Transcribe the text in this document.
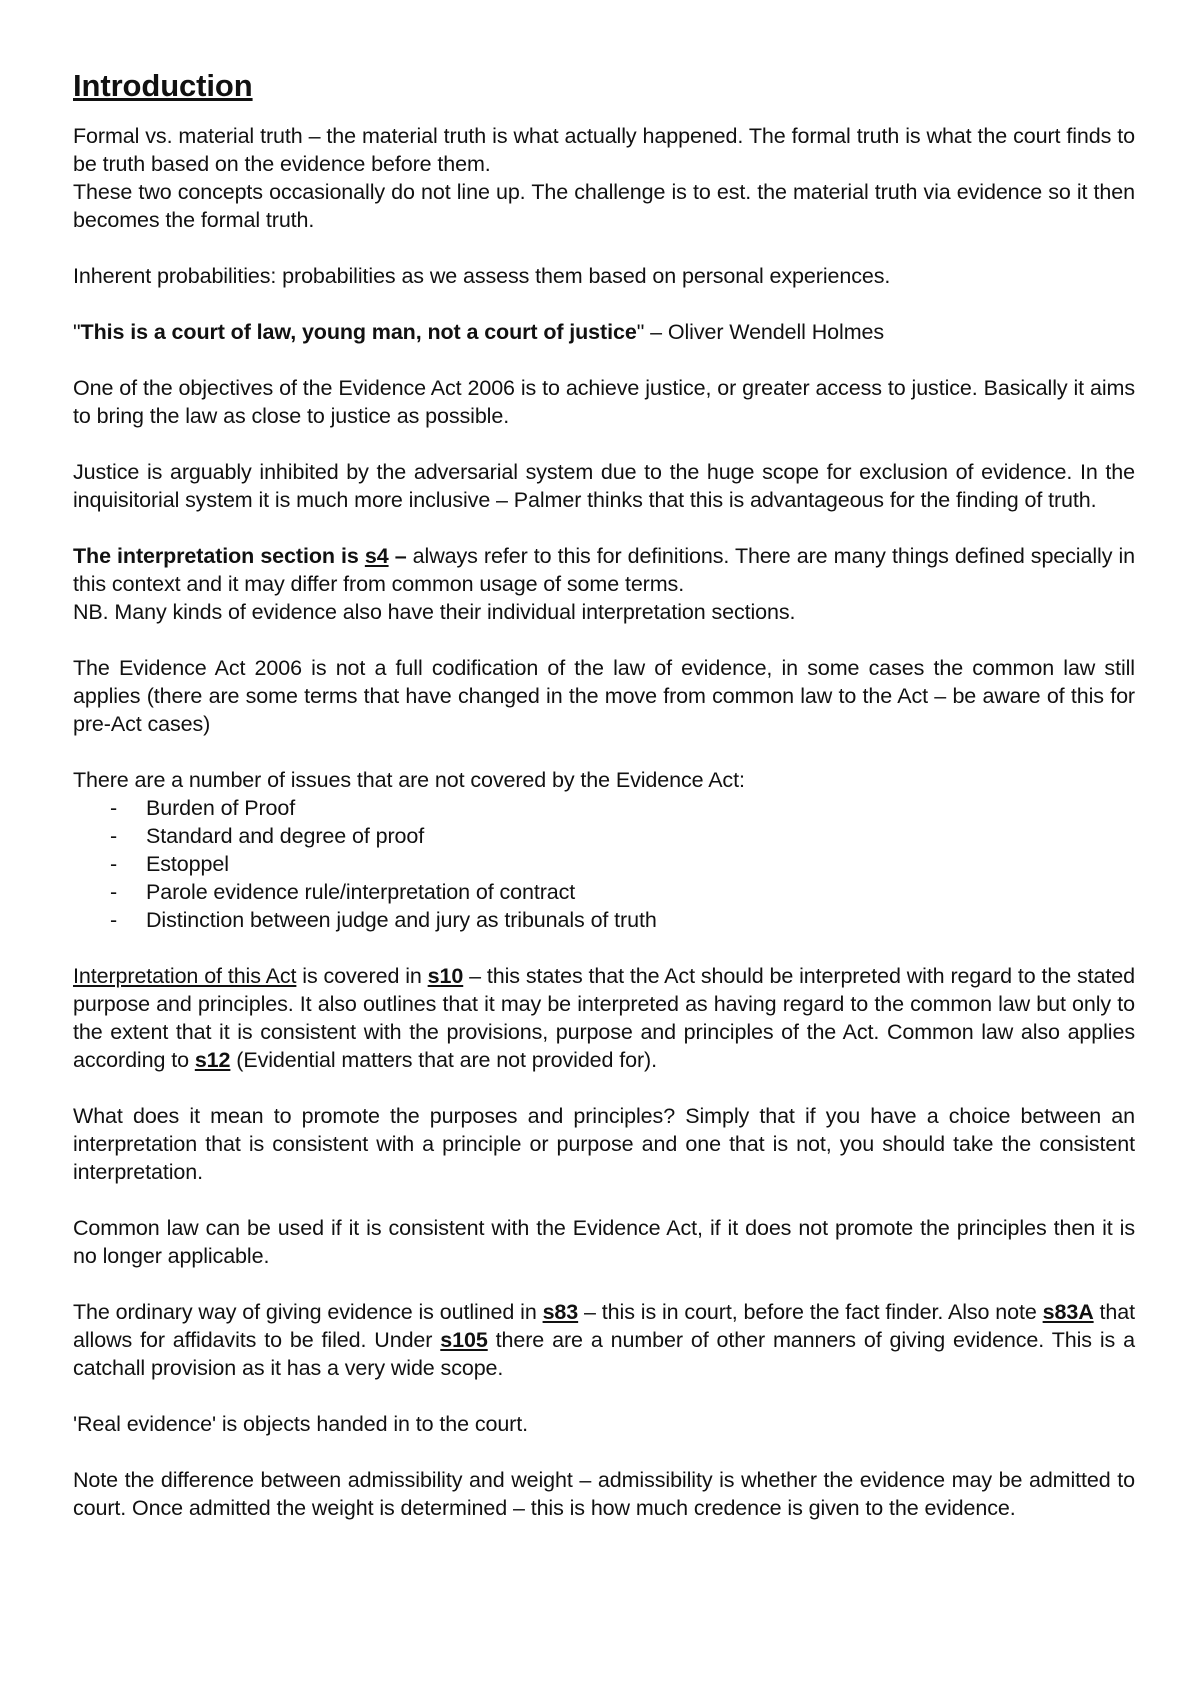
Introduction

Formal vs. material truth – the material truth is what actually happened. The formal truth is what the court finds to be truth based on the evidence before them.

These two concepts occasionally do not line up. The challenge is to est. the material truth via evidence so it then becomes the formal truth.

Inherent probabilities: probabilities as we assess them based on personal experiences.

"This is a court of law, young man, not a court of justice" – Oliver Wendell Holmes

One of the objectives of the Evidence Act 2006 is to achieve justice, or greater access to justice. Basically it aims to bring the law as close to justice as possible.

Justice is arguably inhibited by the adversarial system due to the huge scope for exclusion of evidence. In the inquisitorial system it is much more inclusive – Palmer thinks that this is advantageous for the finding of truth.

The interpretation section is s4 – always refer to this for definitions. There are many things defined specially in this context and it may differ from common usage of some terms.

NB. Many kinds of evidence also have their individual interpretation sections.

The Evidence Act 2006 is not a full codification of the law of evidence, in some cases the common law still applies (there are some terms that have changed in the move from common law to the Act – be aware of this for pre-Act cases)

There are a number of issues that are not covered by the Evidence Act:

- Burden of Proof
- Standard and degree of proof
- Estoppel
- Parole evidence rule/interpretation of contract
- Distinction between judge and jury as tribunals of truth

Interpretation of this Act is covered in s10 – this states that the Act should be interpreted with regard to the stated purpose and principles. It also outlines that it may be interpreted as having regard to the common law but only to the extent that it is consistent with the provisions, purpose and principles of the Act. Common law also applies according to s12 (Evidential matters that are not provided for).

What does it mean to promote the purposes and principles? Simply that if you have a choice between an interpretation that is consistent with a principle or purpose and one that is not, you should take the consistent interpretation.

Common law can be used if it is consistent with the Evidence Act, if it does not promote the principles then it is no longer applicable.

The ordinary way of giving evidence is outlined in s83 – this is in court, before the fact finder. Also note s83A that allows for affidavits to be filed. Under s105 there are a number of other manners of giving evidence. This is a catchall provision as it has a very wide scope.

'Real evidence' is objects handed in to the court.

Note the difference between admissibility and weight – admissibility is whether the evidence may be admitted to court. Once admitted the weight is determined – this is how much credence is given to the evidence.
